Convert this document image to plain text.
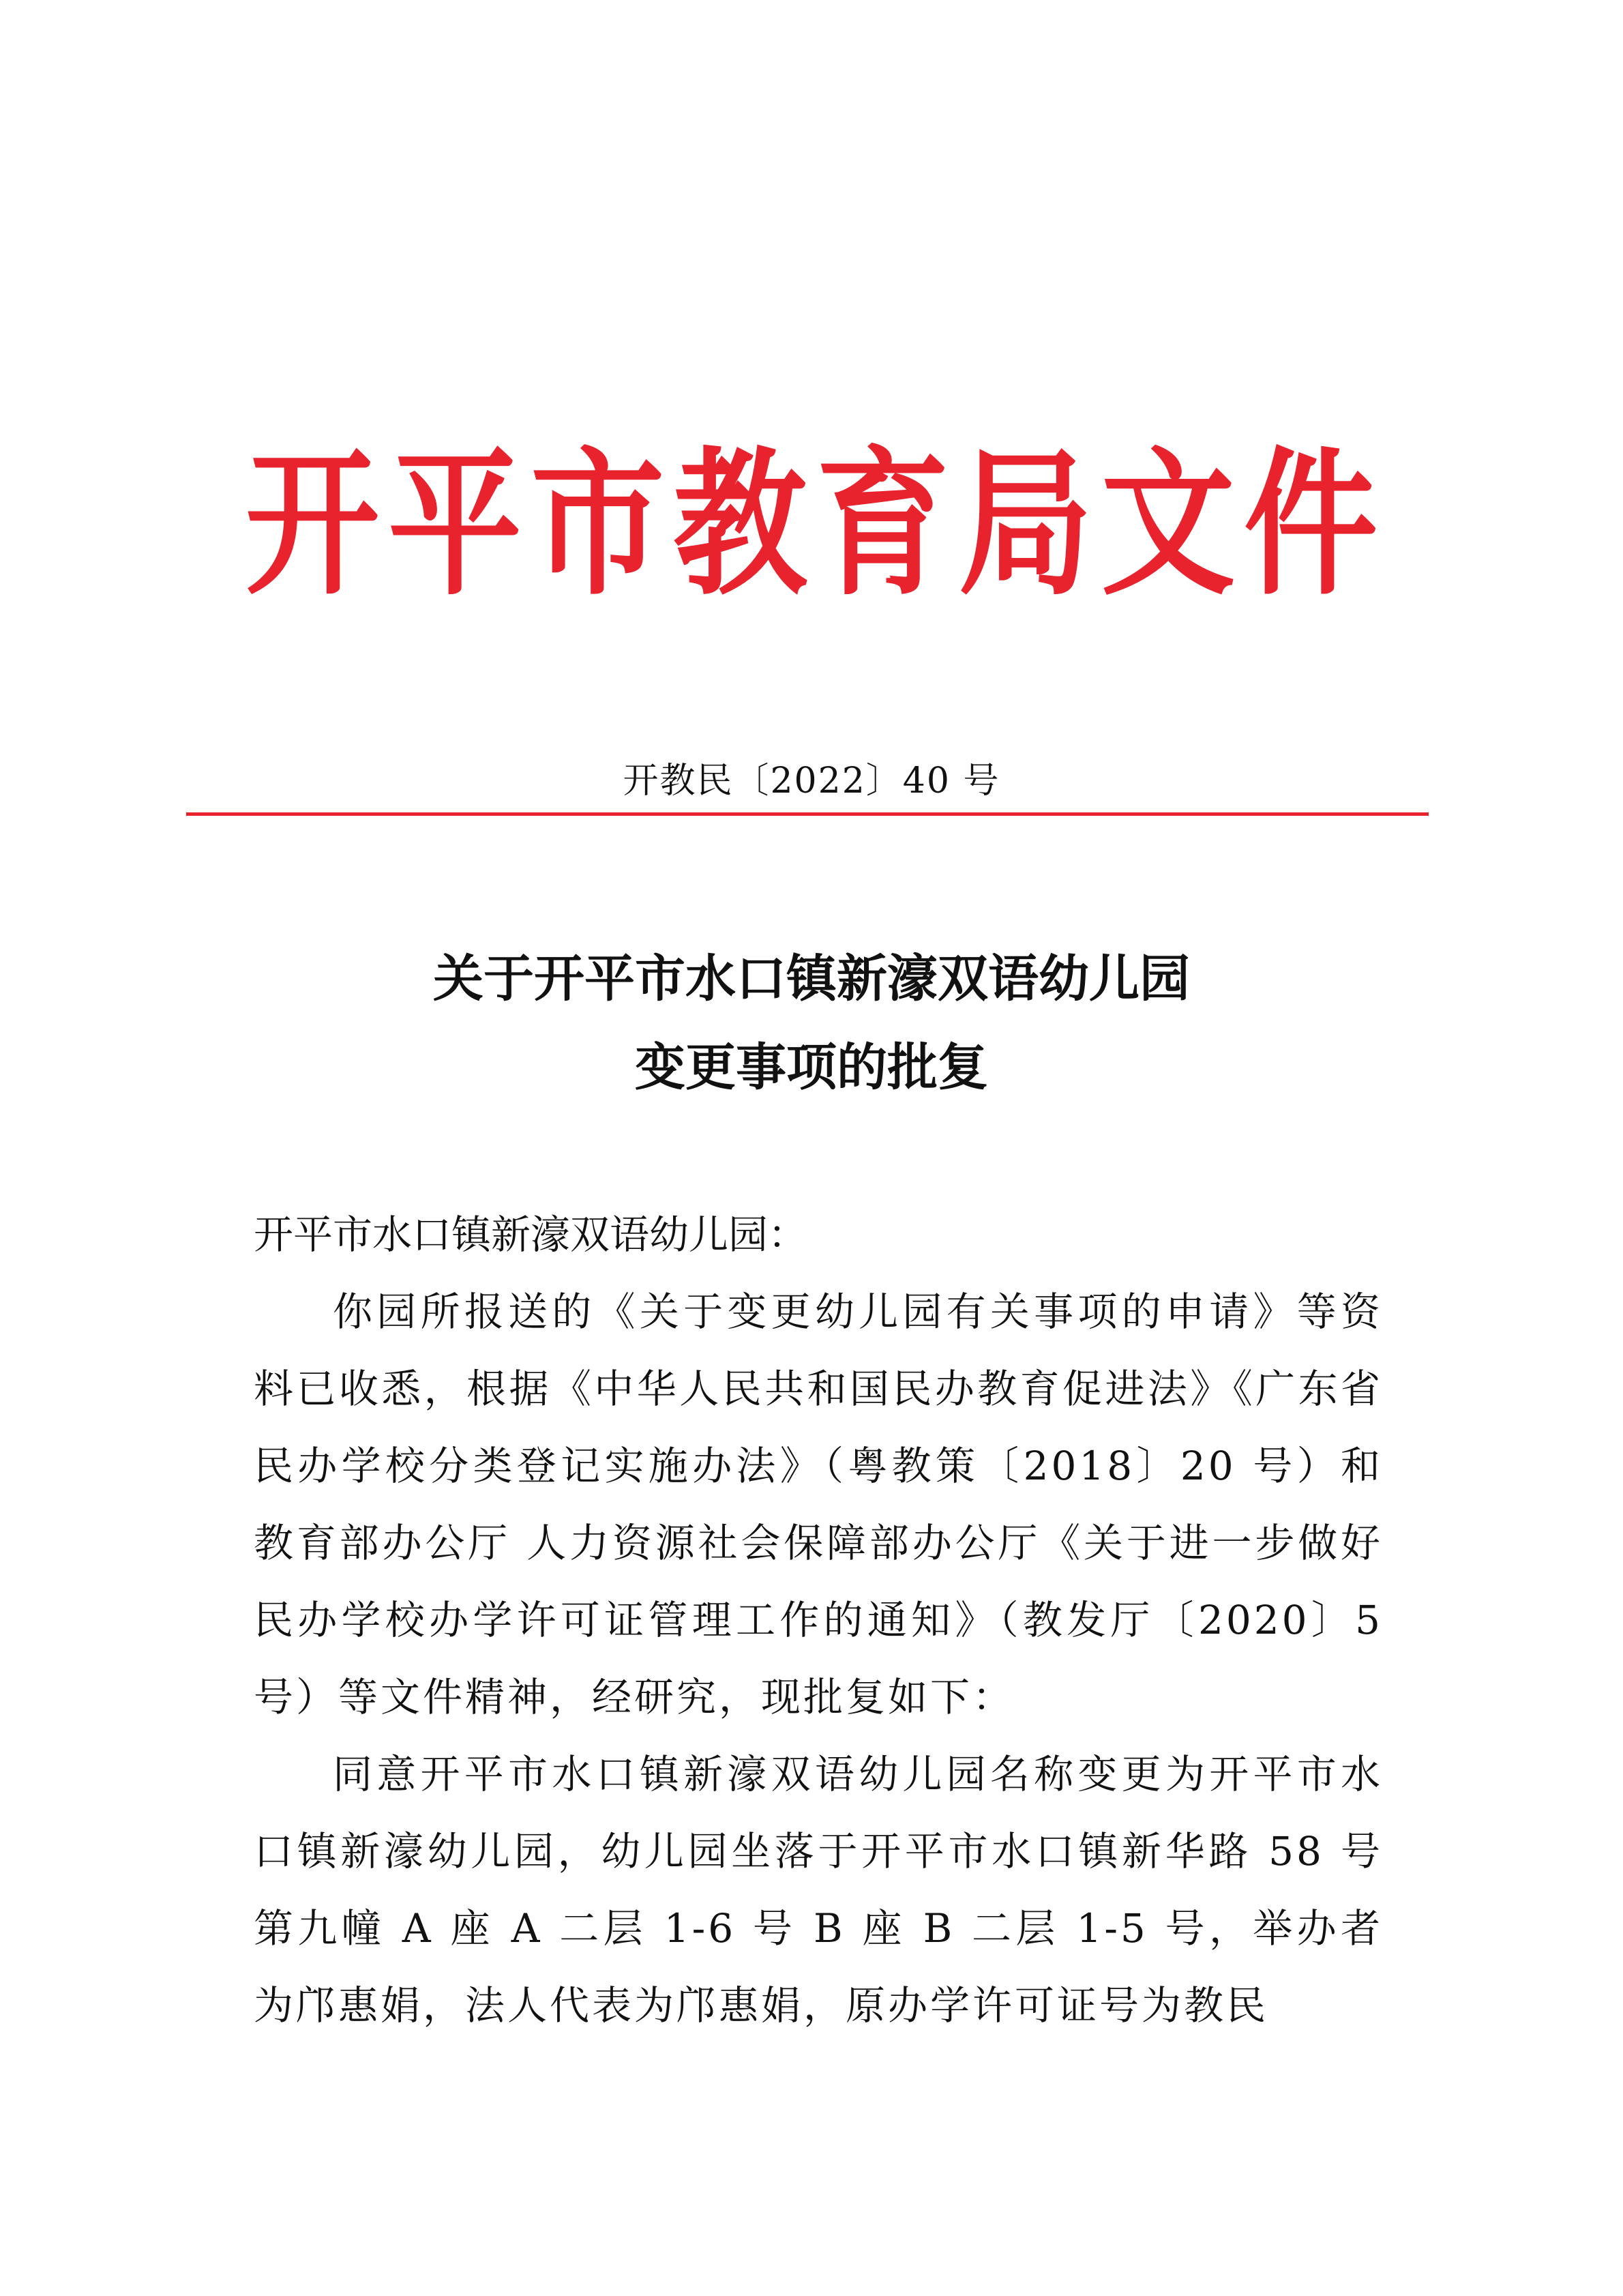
开平市教育局文件
开教民〔2022〕40 号
关于开平市水口镇新濠双语幼儿园
变更事项的批复

开平市水口镇新濠双语幼儿园：

你园所报送的《关于变更幼儿园有关事项的申请》等资料已收悉，根据《中华人民共和国民办教育促进法》《广东省民办学校分类登记实施办法》（粤教策〔2018〕20 号）和教育部办公厅 人力资源社会保障部办公厅《关于进一步做好民办学校办学许可证管理工作的通知》（教发厅〔2020〕5 号）等文件精神，经研究，现批复如下：

同意开平市水口镇新濠双语幼儿园名称变更为开平市水口镇新濠幼儿园，幼儿园坐落于开平市水口镇新华路 58 号第九幢 A 座 A 二层 1-6 号 B 座 B 二层 1-5 号，举办者为邝惠娟，法人代表为邝惠娟，原办学许可证号为教民
